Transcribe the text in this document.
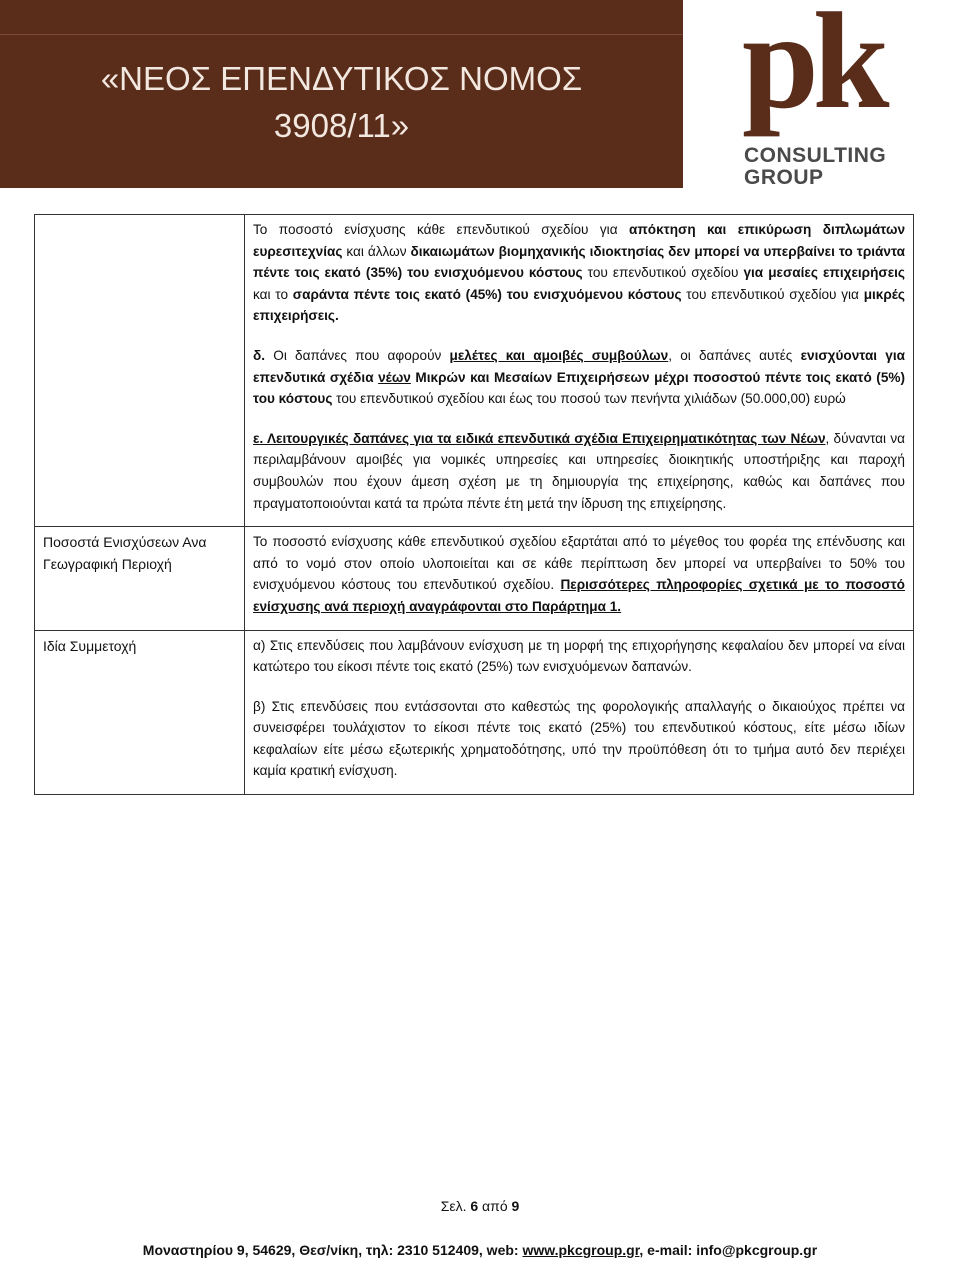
«ΝΕΟΣ ΕΠΕΝΔΥΤΙΚΟΣ ΝΟΜΟΣ
3908/11»	pk
CONSULTING
GROUP

	Το ποσοστό ενίσχυσης κάθε επενδυτικού σχεδίου για απόκτηση και επικύρωση διπλωμάτων ευρεσιτεχνίας και άλλων δικαιωμάτων βιομηχανικής ιδιοκτησίας δεν μπορεί να υπερβαίνει το τριάντα πέντε τοις εκατό (35%) του ενισχυόμενου κόστους του επενδυτικού σχεδίου για μεσαίες επιχειρήσεις και το σαράντα πέντε τοις εκατό (45%) του ενισχυόμενου κόστους του επενδυτικού σχεδίου για μικρές επιχειρήσεις.

δ. Οι δαπάνες που αφορούν μελέτες και αμοιβές συμβούλων, οι δαπάνες αυτές ενισχύονται για επενδυτικά σχέδια νέων Μικρών και Μεσαίων Επιχειρήσεων μέχρι ποσοστού πέντε τοις εκατό (5%) του κόστους του επενδυτικού σχεδίου και έως του ποσού των πενήντα χιλιάδων (50.000,00) ευρώ

ε. Λειτουργικές δαπάνες για τα ειδικά επενδυτικά σχέδια Επιχειρηματικότητας των Νέων, δύνανται να περιλαμβάνουν αμοιβές για νομικές υπηρεσίες και υπηρεσίες διοικητικής υποστήριξης και παροχή συμβουλών που έχουν άμεση σχέση με τη δημιουργία της επιχείρησης, καθώς και δαπάνες που πραγματοποιούνται κατά τα πρώτα πέντε έτη μετά την ίδρυση της επιχείρησης.

Ποσοστά Ενισχύσεων Ανα Γεωγραφική Περιοχή	Το ποσοστό ενίσχυσης κάθε επενδυτικού σχεδίου εξαρτάται από το μέγεθος του φορέα της επένδυσης και από το νομό στον οποίο υλοποιείται και σε κάθε περίπτωση δεν μπορεί να υπερβαίνει το 50% του ενισχυόμενου κόστους του επενδυτικού σχεδίου. Περισσότερες πληροφορίες σχετικά με το ποσοστό ενίσχυσης ανά περιοχή αναγράφονται στο Παράρτημα 1.

Ιδία Συμμετοχή	α) Στις επενδύσεις που λαμβάνουν ενίσχυση με τη μορφή της επιχορήγησης κεφαλαίου δεν μπορεί να είναι κατώτερο του είκοσι πέντε τοις εκατό (25%) των ενισχυόμενων δαπανών.

β) Στις επενδύσεις που εντάσσονται στο καθεστώς της φορολογικής απαλλαγής ο δικαιούχος πρέπει να συνεισφέρει τουλάχιστον το είκοσι πέντε τοις εκατό (25%) του επενδυτικού κόστους, είτε μέσω ιδίων κεφαλαίων είτε μέσω εξωτερικής χρηματοδότησης, υπό την προϋπόθεση ότι το τμήμα αυτό δεν περιέχει καμία κρατική ενίσχυση.

Σελ. 6 από 9
Μοναστηρίου 9, 54629, Θεσ/νίκη, τηλ: 2310 512409, web: www.pkcgroup.gr, e-mail: info@pkcgroup.gr
